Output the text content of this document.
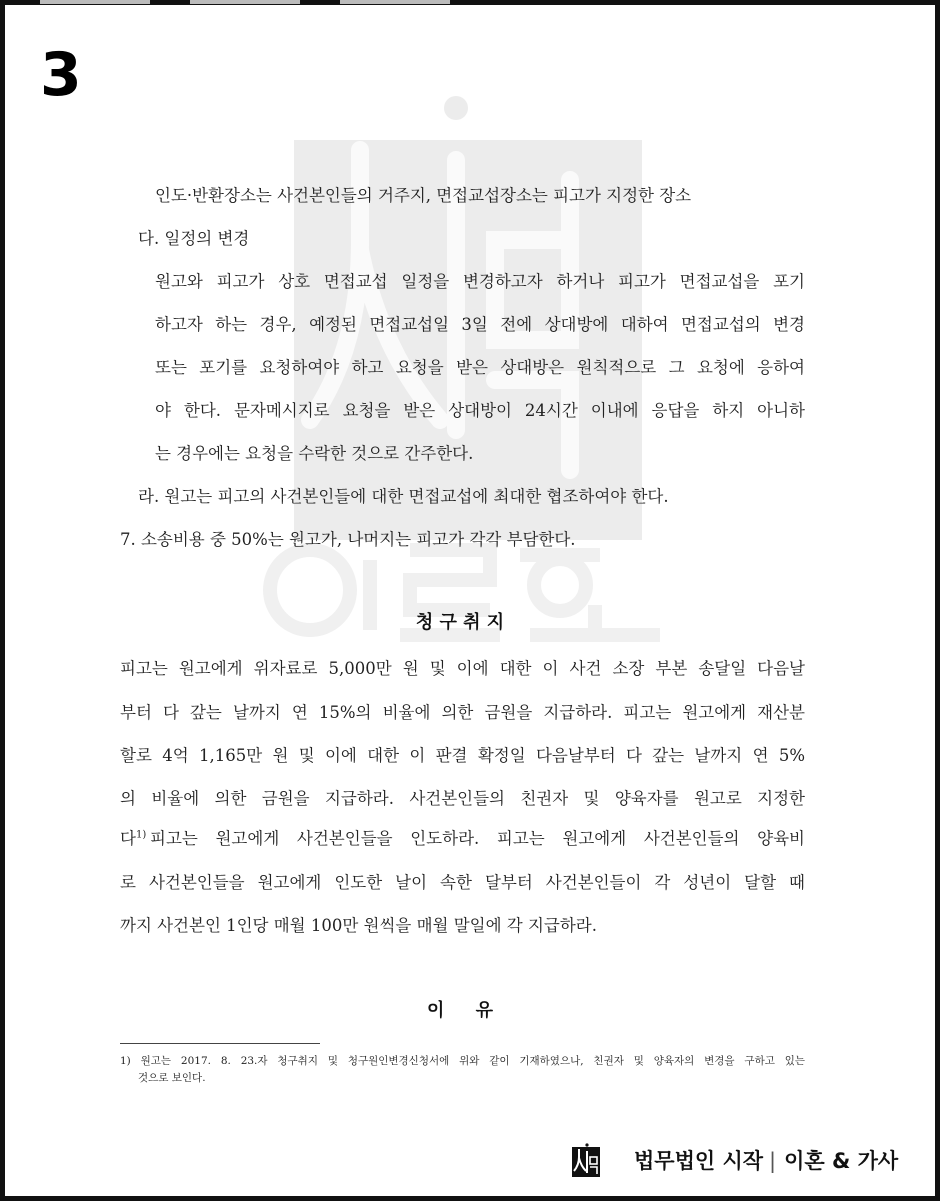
3
인도·반환장소는 사건본인들의 거주지, 면접교섭장소는 피고가 지정한 장소
다. 일정의 변경
원고와 피고가 상호 면접교섭 일정을 변경하고자 하거나 피고가 면접교섭을 포기
하고자 하는 경우, 예정된 면접교섭일 3일 전에 상대방에 대하여 면접교섭의 변경
또는 포기를 요청하여야 하고 요청을 받은 상대방은 원칙적으로 그 요청에 응하여
야 한다. 문자메시지로 요청을 받은 상대방이 24시간 이내에 응답을 하지 아니하
는 경우에는 요청을 수락한 것으로 간주한다.
라. 원고는 피고의 사건본인들에 대한 면접교섭에 최대한 협조하여야 한다.
7. 소송비용 중 50%는 원고가, 나머지는 피고가 각각 부담한다.
청 구 취 지
피고는 원고에게 위자료로 5,000만 원 및 이에 대한 이 사건 소장 부본 송달일 다음날
부터 다 갚는 날까지 연 15%의 비율에 의한 금원을 지급하라. 피고는 원고에게 재산분
할로 4억 1,165만 원 및 이에 대한 이 판결 확정일 다음날부터 다 갚는 날까지 연 5%
의 비율에 의한 금원을 지급하라. 사건본인들의 친권자 및 양육자를 원고로 지정한
다$^{1)}$ 피고는 원고에게 사건본인들을 인도하라. 피고는 원고에게 사건본인들의 양육비
로 사건본인들을 원고에게 인도한 날이 속한 달부터 사건본인들이 각 성년이 달할 때
까지 사건본인 1인당 매월 100만 원씩을 매월 말일에 각 지급하라.
이     유
1) 원고는 2017. 8. 23.자 청구취지 및 청구원인변경신청서에 위와 같이 기재하였으나, 친권자 및 양육자의 변경을 구하고 있는
것으로 보인다.
법무법인 시작 | 이혼 & 가사
